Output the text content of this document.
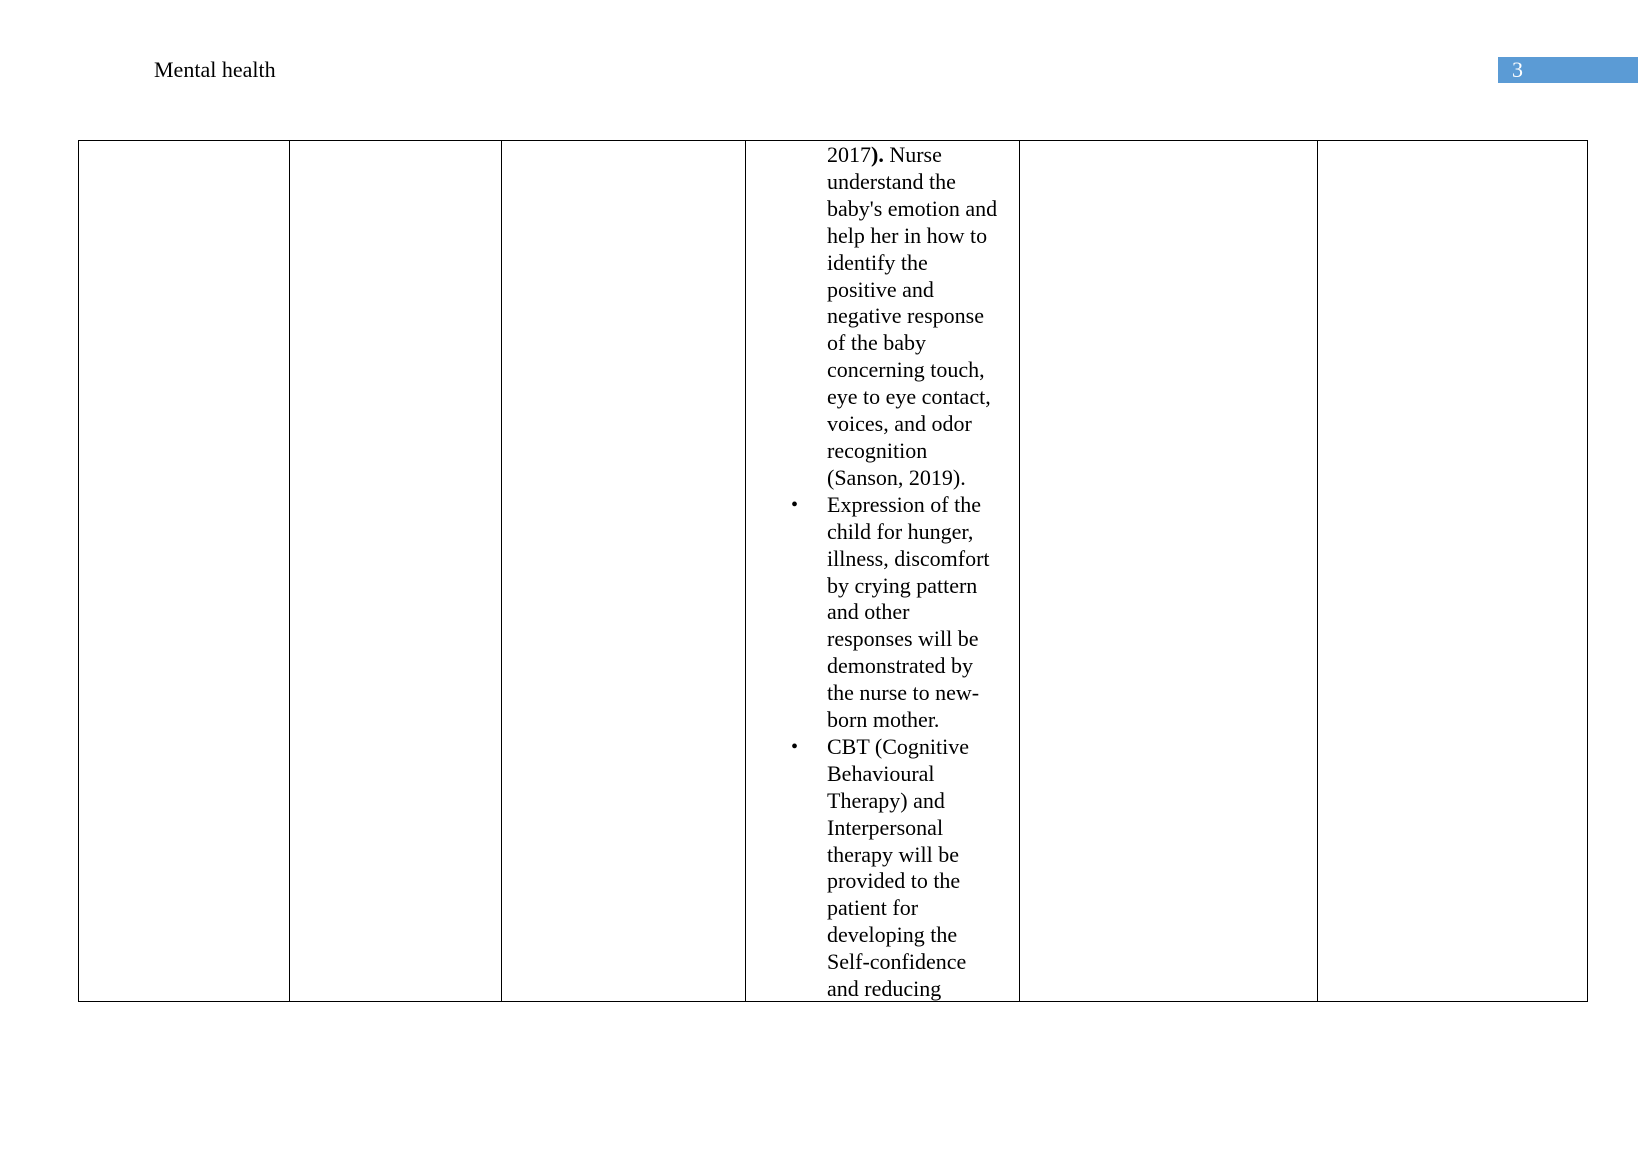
Mental health	3
2017). Nurse
understand the
baby's emotion and
help her in how to
identify the
positive and
negative response
of the baby
concerning touch,
eye to eye contact,
voices, and odor
recognition
(Sanson, 2019).
• Expression of the
child for hunger,
illness, discomfort
by crying pattern
and other
responses will be
demonstrated by
the nurse to new-
born mother.
• CBT (Cognitive
Behavioural
Therapy) and
Interpersonal
therapy will be
provided to the
patient for
developing the
Self-confidence
and reducing
